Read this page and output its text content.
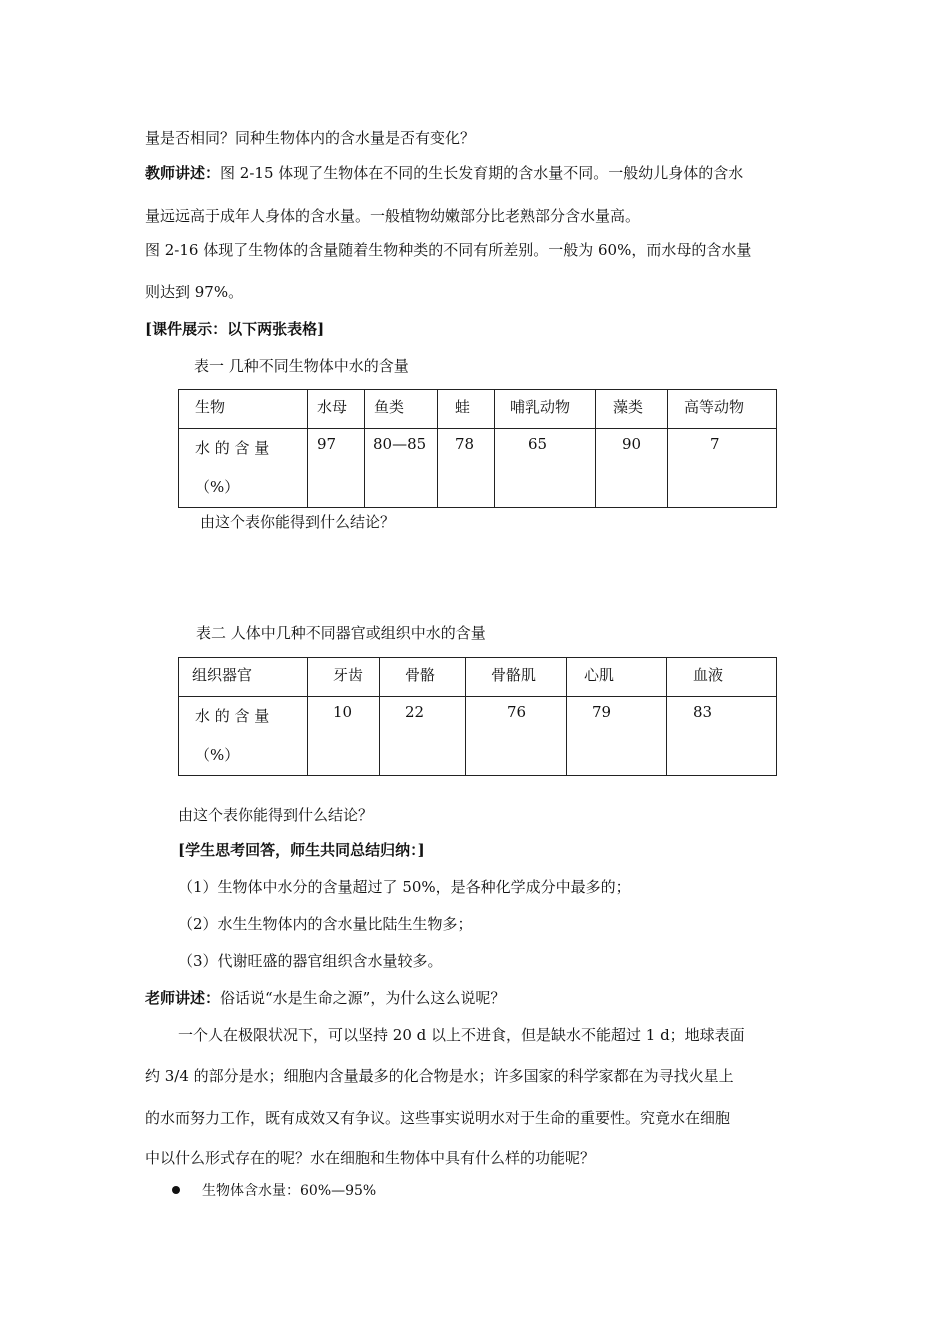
量是否相同？同种生物体内的含水量是否有变化？
教师讲述：图 2-15 体现了生物体在不同的生长发育期的含水量不同。一般幼儿身体的含水
量远远高于成年人身体的含水量。一般植物幼嫩部分比老熟部分含水量高。
图 2-16 体现了生物体的含量随着生物种类的不同有所差别。一般为 60%，而水母的含水量
则达到 97%。
[课件展示：以下两张表格]
表一 几种不同生物体中水的含量
生物	水母	鱼类	蛙	哺乳动物	藻类	高等动物

水 的 含 量
（%）	97	80—85	78	65	90	7
由这个表你能得到什么结论？
表二 人体中几种不同器官或组织中水的含量
组织器官	牙齿	骨骼	骨骼肌	心肌	血液

水 的 含 量
（%）	10	22	76	79	83
由这个表你能得到什么结论？
[学生思考回答，师生共同总结归纳：]
（1）生物体中水分的含量超过了 50%，是各种化学成分中最多的；
（2）水生生物体内的含水量比陆生生物多；
（3）代谢旺盛的器官组织含水量较多。
老师讲述：俗话说“水是生命之源”，为什么这么说呢？
一个人在极限状况下，可以坚持 20 d 以上不进食，但是缺水不能超过 1 d；地球表面
约 3/4 的部分是水；细胞内含量最多的化合物是水；许多国家的科学家都在为寻找火星上
的水而努力工作，既有成效又有争议。这些事实说明水对于生命的重要性。究竟水在细胞
中以什么形式存在的呢？水在细胞和生物体中具有什么样的功能呢？
生物体含水量：60%—95%
